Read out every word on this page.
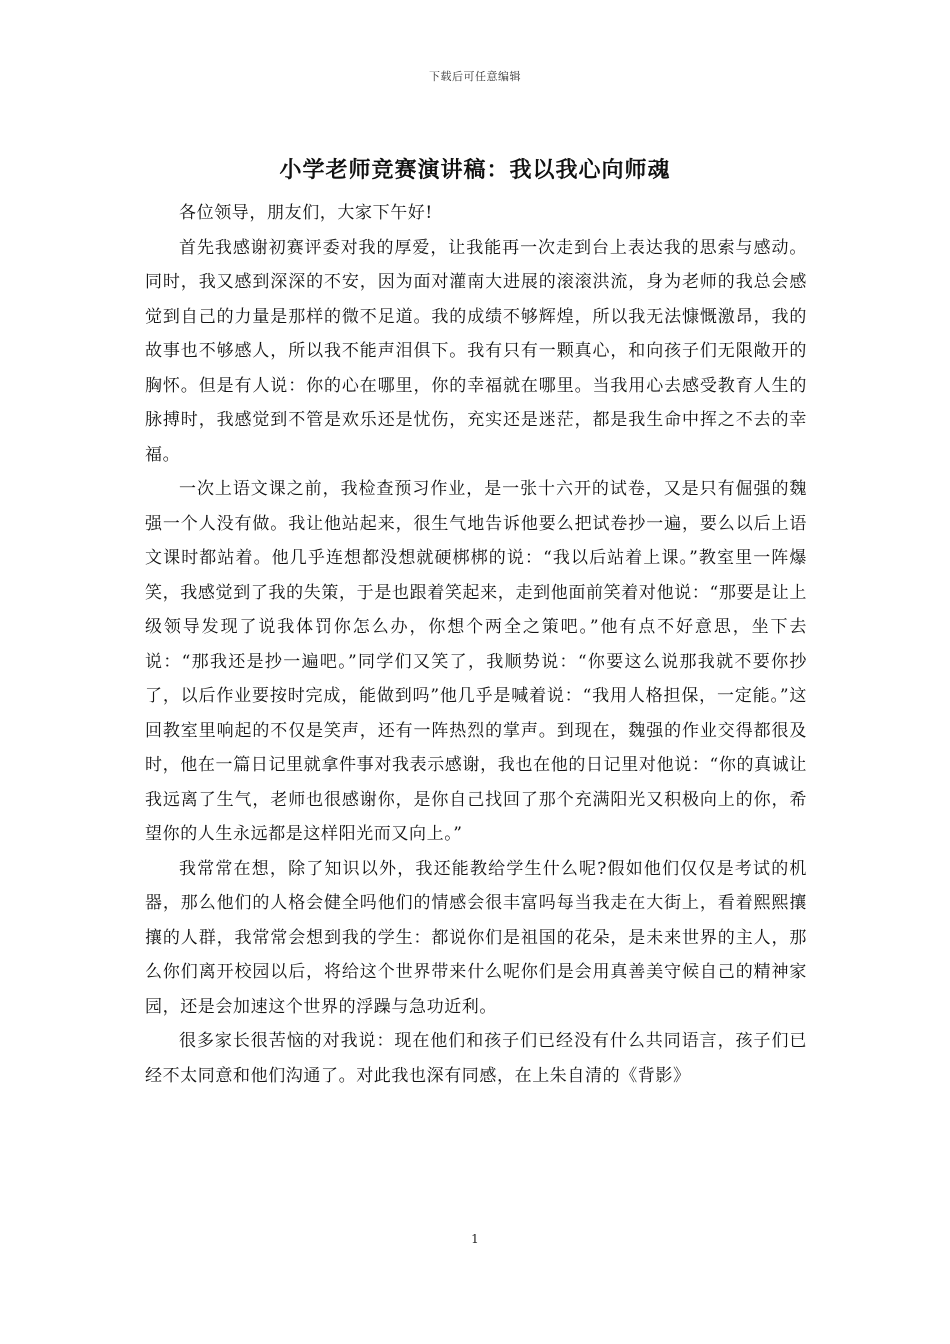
下载后可任意编辑
小学老师竞赛演讲稿：我以我心向师魂

各位领导，朋友们，大家下午好!

首先我感谢初赛评委对我的厚爱，让我能再一次走到台上表达我的思索与感动。同时，我又感到深深的不安，因为面对灌南大进展的滚滚洪流，身为老师的我总会感觉到自己的力量是那样的微不足道。我的成绩不够辉煌，所以我无法慷慨激昂，我的故事也不够感人，所以我不能声泪俱下。我有只有一颗真心，和向孩子们无限敞开的胸怀。但是有人说：你的心在哪里，你的幸福就在哪里。当我用心去感受教育人生的脉搏时，我感觉到不管是欢乐还是忧伤，充实还是迷茫，都是我生命中挥之不去的幸福。

一次上语文课之前，我检查预习作业，是一张十六开的试卷，又是只有倔强的魏强一个人没有做。我让他站起来，很生气地告诉他要么把试卷抄一遍，要么以后上语文课时都站着。他几乎连想都没想就硬梆梆的说：“我以后站着上课。”教室里一阵爆笑，我感觉到了我的失策，于是也跟着笑起来，走到他面前笑着对他说：“那要是让上级领导发现了说我体罚你怎么办，你想个两全之策吧。”他有点不好意思，坐下去说：“那我还是抄一遍吧。”同学们又笑了，我顺势说：“你要这么说那我就不要你抄了，以后作业要按时完成，能做到吗”他几乎是喊着说：“我用人格担保，一定能。”这回教室里响起的不仅是笑声，还有一阵热烈的掌声。到现在，魏强的作业交得都很及时，他在一篇日记里就拿件事对我表示感谢，我也在他的日记里对他说：“你的真诚让我远离了生气，老师也很感谢你，是你自己找回了那个充满阳光又积极向上的你，希望你的人生永远都是这样阳光而又向上。”

我常常在想，除了知识以外，我还能教给学生什么呢?假如他们仅仅是考试的机器，那么他们的人格会健全吗他们的情感会很丰富吗每当我走在大街上，看着熙熙攘攘的人群，我常常会想到我的学生：都说你们是祖国的花朵，是未来世界的主人，那么你们离开校园以后，将给这个世界带来什么呢你们是会用真善美守候自己的精神家园，还是会加速这个世界的浮躁与急功近利。

很多家长很苦恼的对我说：现在他们和孩子们已经没有什么共同语言，孩子们已经不太同意和他们沟通了。对此我也深有同感，在上朱自清的《背影》

1
